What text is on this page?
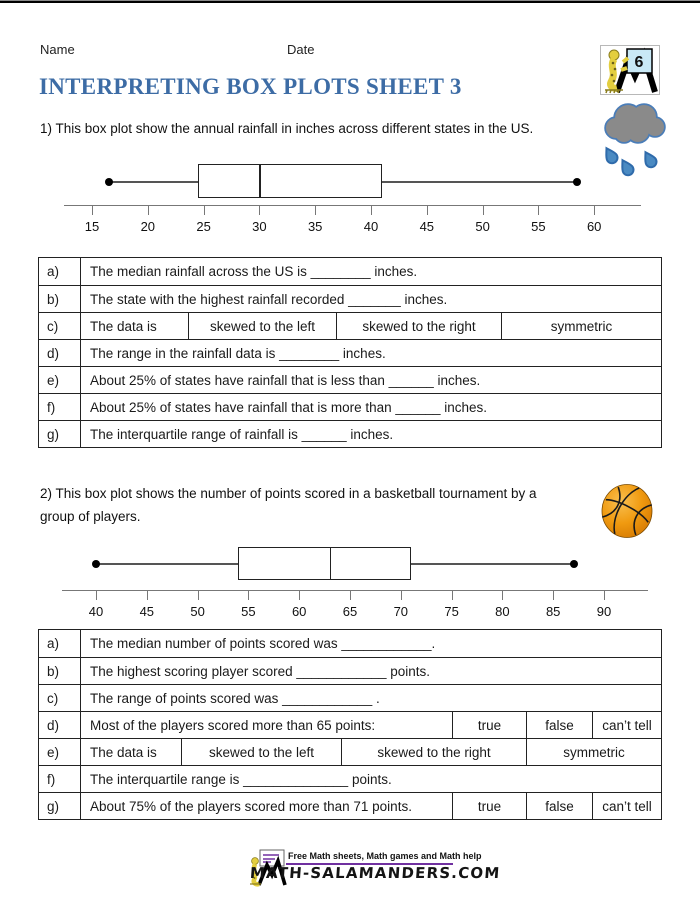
Name	Date
6
INTERPRETING BOX PLOTS SHEET 3

1) This box plot show the annual rainfall in inches across different states in the US.

15	20	25	30	35	40	45	50	55	60
a)	The median rainfall across the US is ________ inches.
b)	The state with the highest rainfall recorded _______ inches.
c)	The data is	skewed to the left	skewed to the right	symmetric
d)	The range in the rainfall data is ________ inches.
e)	About 25% of states have rainfall that is less than ______ inches.
f)	About 25% of states have rainfall that is more than ______ inches.
g)	The interquartile range of rainfall is ______ inches.

2) This box plot shows the number of points scored in a basketball tournament by a
group of players.

40	45	50	55	60	65	70	75	80	85	90
a)	The median number of points scored was ____________.
b)	The highest scoring player scored ____________ points.
c)	The range of points scored was ____________ .
d)	Most of the players scored more than 65 points:	true	false	can’t tell
e)	The data is	skewed to the left	skewed to the right	symmetric
f)	The interquartile range is ______________ points.
g)	About 75% of the players scored more than 71 points.	true	false	can’t tell
Free Math sheets, Math games and Math help
MATH-SALAMANDERS.COM
